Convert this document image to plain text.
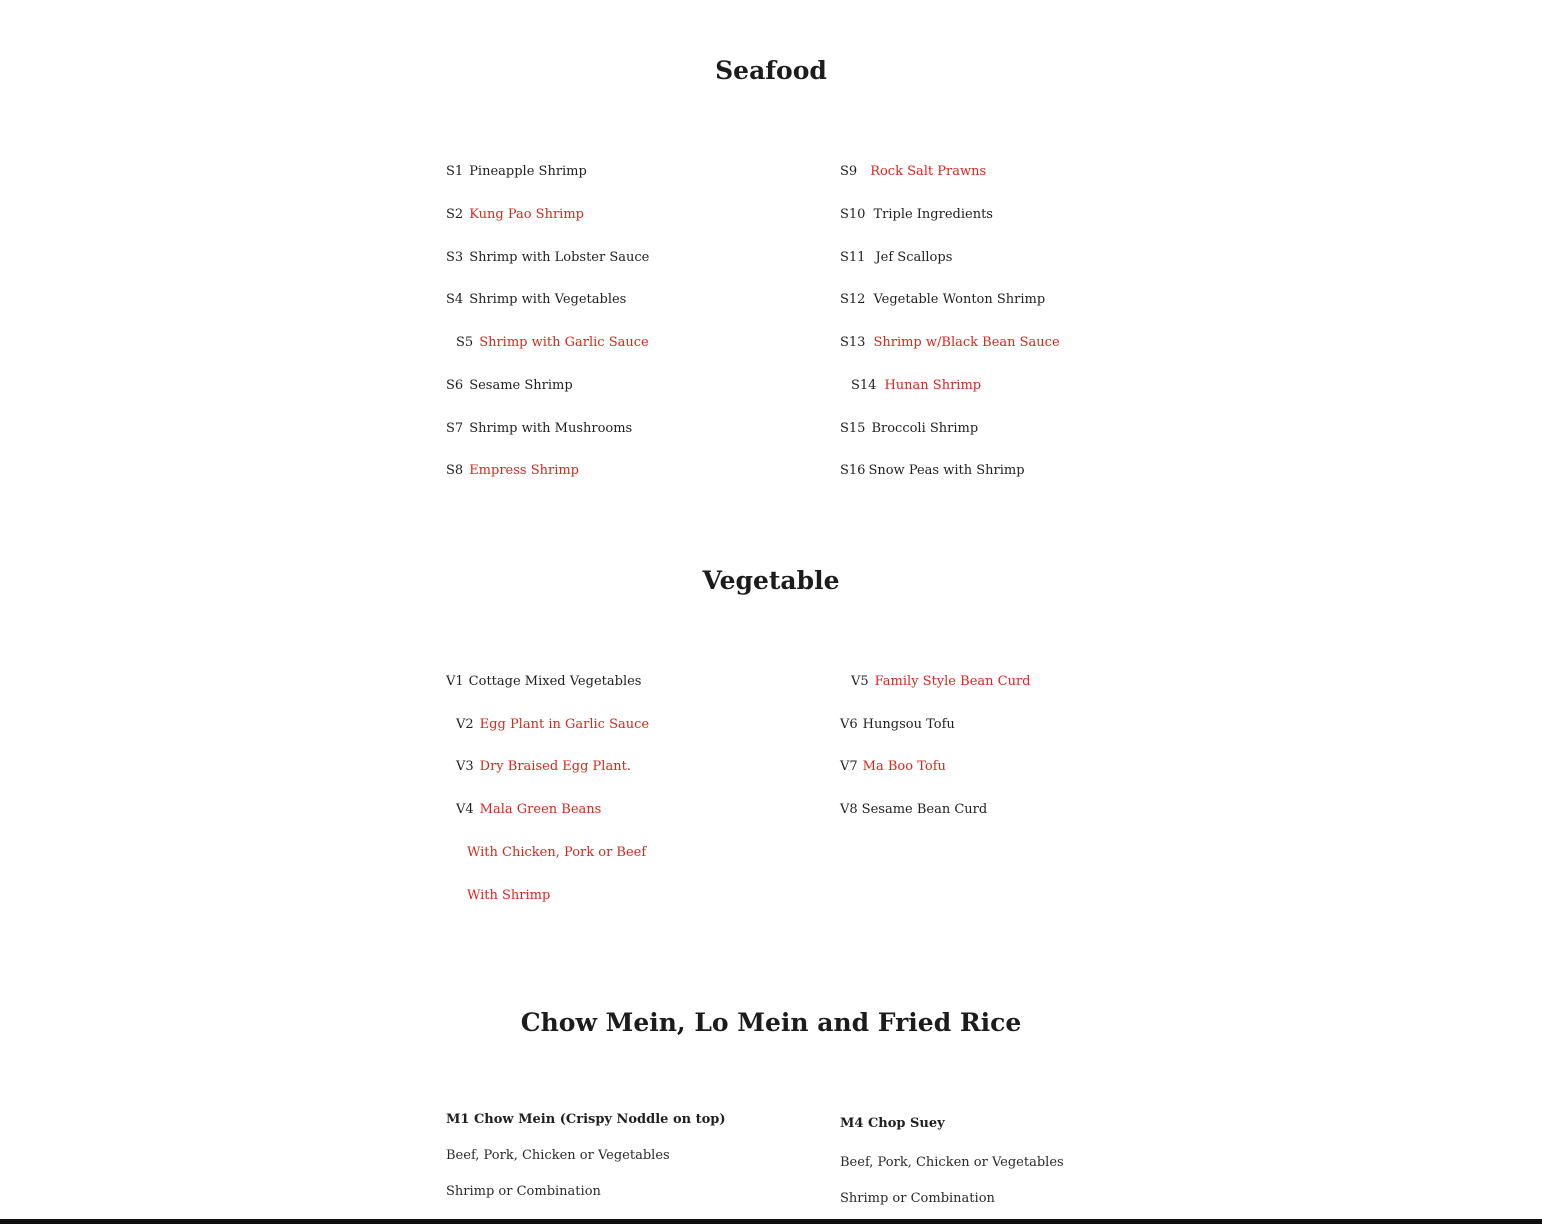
Seafood
S1 Pineapple Shrimp
S2 Kung Pao Shrimp
S3 Shrimp with Lobster Sauce
S4 Shrimp with Vegetables
S5 Shrimp with Garlic Sauce
S6 Sesame Shrimp
S7 Shrimp with Mushrooms
S8 Empress Shrimp
S9 Rock Salt Prawns
S10 Triple Ingredients
S11 Jef Scallops
S12 Vegetable Wonton Shrimp
S13 Shrimp w/Black Bean Sauce
S14 Hunan Shrimp
S15 Broccoli Shrimp
S16 Snow Peas with Shrimp
Vegetable
V1 Cottage Mixed Vegetables
V2 Egg Plant in Garlic Sauce
V3 Dry Braised Egg Plant.
V4 Mala Green Beans
With Chicken, Pork or Beef
With Shrimp
V5 Family Style Bean Curd
V6 Hungsou Tofu
V7 Ma Boo Tofu
V8 Sesame Bean Curd
Chow Mein, Lo Mein and Fried Rice
M1 Chow Mein (Crispy Noddle on top)
Beef, Pork, Chicken or Vegetables
Shrimp or Combination
M4 Chop Suey
Beef, Pork, Chicken or Vegetables
Shrimp or Combination
